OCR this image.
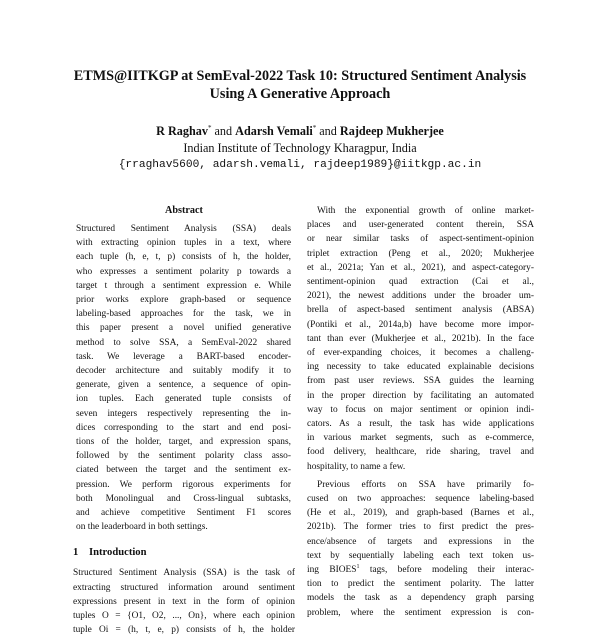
ETMS@IITKGP at SemEval-2022 Task 10: Structured Sentiment Analysis
Using A Generative Approach
R Raghav* and Adarsh Vemali* and Rajdeep Mukherjee
Indian Institute of Technology Kharagpur, India
{rraghav5600, adarsh.vemali, rajdeep1989}@iitkgp.ac.in
Abstract
Structured Sentiment Analysis (SSA) deals
with extracting opinion tuples in a text, where
each tuple (h, e, t, p) consists of h, the holder,
who expresses a sentiment polarity p towards a
target t through a sentiment expression e. While
prior works explore graph-based or sequence
labeling-based approaches for the task, we in
this paper present a novel unified generative
method to solve SSA, a SemEval-2022 shared
task. We leverage a BART-based encoder-
decoder architecture and suitably modify it to
generate, given a sentence, a sequence of opin-
ion tuples. Each generated tuple consists of
seven integers respectively representing the in-
dices corresponding to the start and end posi-
tions of the holder, target, and expression spans,
followed by the sentiment polarity class asso-
ciated between the target and the sentiment ex-
pression. We perform rigorous experiments for
both Monolingual and Cross-lingual subtasks,
and achieve competitive Sentiment F1 scores
on the leaderboard in both settings.
1 Introduction
Structured Sentiment Analysis (SSA) is the task of
extracting structured information around sentiment
expressions present in text in the form of opinion
tuples O = {O1, O2, ..., On}, where each opinion
tuple Oi = (h, t, e, p) consists of h, the holder
With the exponential growth of online market-
places and user-generated content therein, SSA
or near similar tasks of aspect-sentiment-opinion
triplet extraction (Peng et al., 2020; Mukherjee
et al., 2021a; Yan et al., 2021), and aspect-category-
sentiment-opinion quad extraction (Cai et al.,
2021), the newest additions under the broader um-
brella of aspect-based sentiment analysis (ABSA)
(Pontiki et al., 2014a,b) have become more impor-
tant than ever (Mukherjee et al., 2021b). In the face
of ever-expanding choices, it becomes a challeng-
ing necessity to take educated explainable decisions
from past user reviews. SSA guides the learning
in the proper direction by facilitating an automated
way to focus on major sentiment or opinion indi-
cators. As a result, the task has wide applications
in various market segments, such as e-commerce,
food delivery, healthcare, ride sharing, travel and
hospitality, to name a few.
Previous efforts on SSA have primarily fo-
cused on two approaches: sequence labeling-based
(He et al., 2019), and graph-based (Barnes et al.,
2021b). The former tries to first predict the pres-
ence/absence of targets and expressions in the
text by sequentially labeling each text token us-
ing BIOES$^1$ tags, before modeling their interac-
tion to predict the sentiment polarity. The latter
models the task as a dependency graph parsing
problem, where the sentiment expression is con-
